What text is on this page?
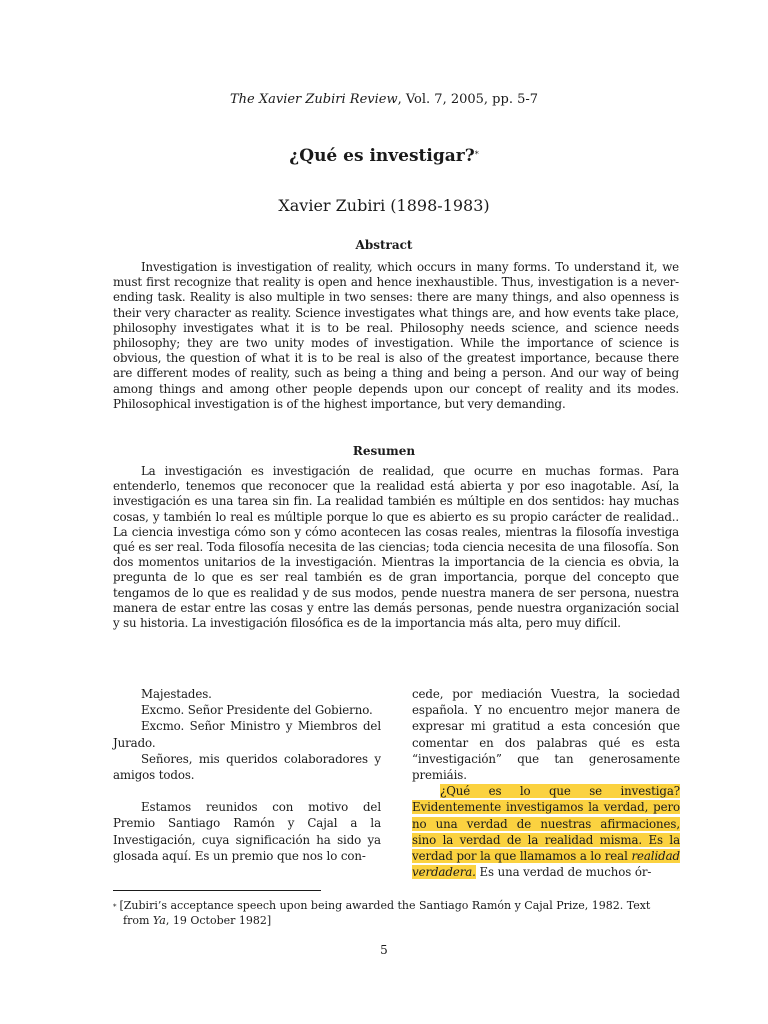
The Xavier Zubiri Review, Vol. 7, 2005, pp. 5-7
¿Qué es investigar?*
Xavier Zubiri (1898-1983)
Abstract
Investigation is investigation of reality, which occurs in many forms. To understand it, we must first recognize that reality is open and hence inexhaustible. Thus, investigation is a never-ending task. Reality is also multiple in two senses: there are many things, and also openness is their very character as reality. Science investigates what things are, and how events take place, philosophy investigates what it is to be real. Philosophy needs science, and science needs philosophy; they are two unity modes of investigation. While the importance of science is obvious, the question of what it is to be real is also of the greatest importance, because there are different modes of reality, such as being a thing and being a person. And our way of being among things and among other people depends upon our concept of reality and its modes. Philosophical investigation is of the highest importance, but very demanding.
Resumen
La investigación es investigación de realidad, que ocurre en muchas formas. Para entenderlo, tenemos que reconocer que la realidad está abierta y por eso inagotable. Así, la investigación es una tarea sin fin. La realidad también es múltiple en dos sentidos: hay muchas cosas, y también lo real es múltiple porque lo que es abierto es su propio carácter de realidad.. La ciencia investiga cómo son y cómo acontecen las cosas reales, mientras la filosofía investiga qué es ser real. Toda filosofía necesita de las ciencias; toda ciencia necesita de una filosofía. Son dos momentos unitarios de la investigación. Mientras la importancia de la ciencia es obvia, la pregunta de lo que es ser real también es de gran importancia, porque del concepto que tengamos de lo que es realidad y de sus modos, pende nuestra manera de ser persona, nuestra manera de estar entre las cosas y entre las demás personas, pende nuestra organización social y su historia. La investigación filosófica es de la importancia más alta, pero muy difícil.

Majestades.

Excmo. Señor Presidente del Gobierno.

Excmo. Señor Ministro y Miembros del Jurado.

Señores, mis queridos colaboradores y amigos todos.

Estamos reunidos con motivo del Premio Santiago Ramón y Cajal a la Investigación, cuya significación ha sido ya glosada aquí. Es un premio que nos lo con-

cede, por mediación Vuestra, la sociedad española. Y no encuentro mejor manera de expresar mi gratitud a esta concesión que comentar en dos palabras qué es esta “investigación” que tan generosamente premiáis.

¿Qué es lo que se investiga? Evidentemente investigamos la verdad, pero no una verdad de nuestras afirmaciones, sino la verdad de la realidad misma. Es la verdad por la que llamamos a lo real realidad verdadera. Es una verdad de muchos ór-

* [Zubiri’s acceptance speech upon being awarded the Santiago Ramón y Cajal Prize, 1982. Text from Ya, 19 October 1982]
5
